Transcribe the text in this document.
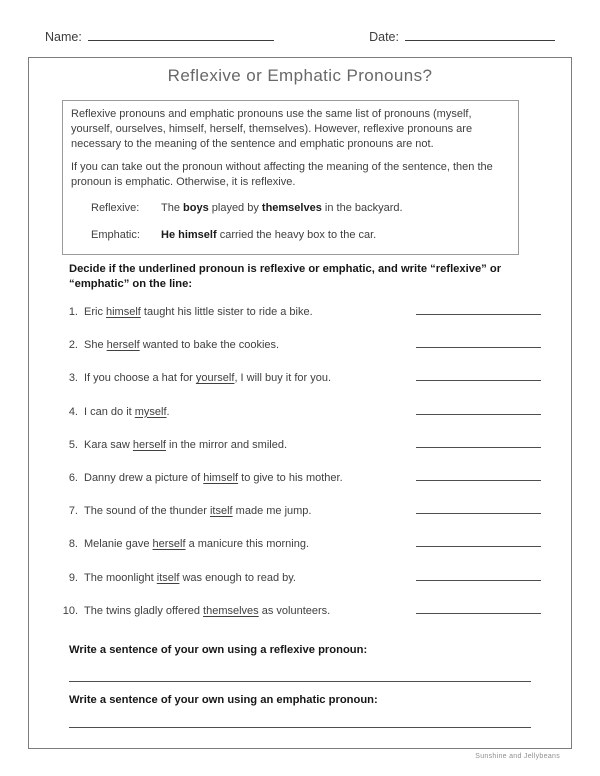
Name:	Date:
Reflexive or Emphatic Pronouns?

Reflexive pronouns and emphatic pronouns use the same list of pronouns (myself, yourself, ourselves, himself, herself, themselves). However, reflexive pronouns are necessary to the meaning of the sentence and emphatic pronouns are not.

If you can take out the pronoun without affecting the meaning of the sentence, then the pronoun is emphatic. Otherwise, it is reflexive.

Reflexive:	The boys played by themselves in the backyard.
Emphatic:	He himself carried the heavy box to the car.
Decide if the underlined pronoun is reflexive or emphatic, and write “reflexive” or “emphatic” on the line:
1. Eric himself taught his little sister to ride a bike.
2. She herself wanted to bake the cookies.
3. If you choose a hat for yourself, I will buy it for you.
4. I can do it myself.
5. Kara saw herself in the mirror and smiled.
6. Danny drew a picture of himself to give to his mother.
7. The sound of the thunder itself made me jump.
8. Melanie gave herself a manicure this morning.
9. The moonlight itself was enough to read by.
10. The twins gladly offered themselves as volunteers.
Write a sentence of your own using a reflexive pronoun:
Write a sentence of your own using an emphatic pronoun:
Sunshine and Jellybeans
